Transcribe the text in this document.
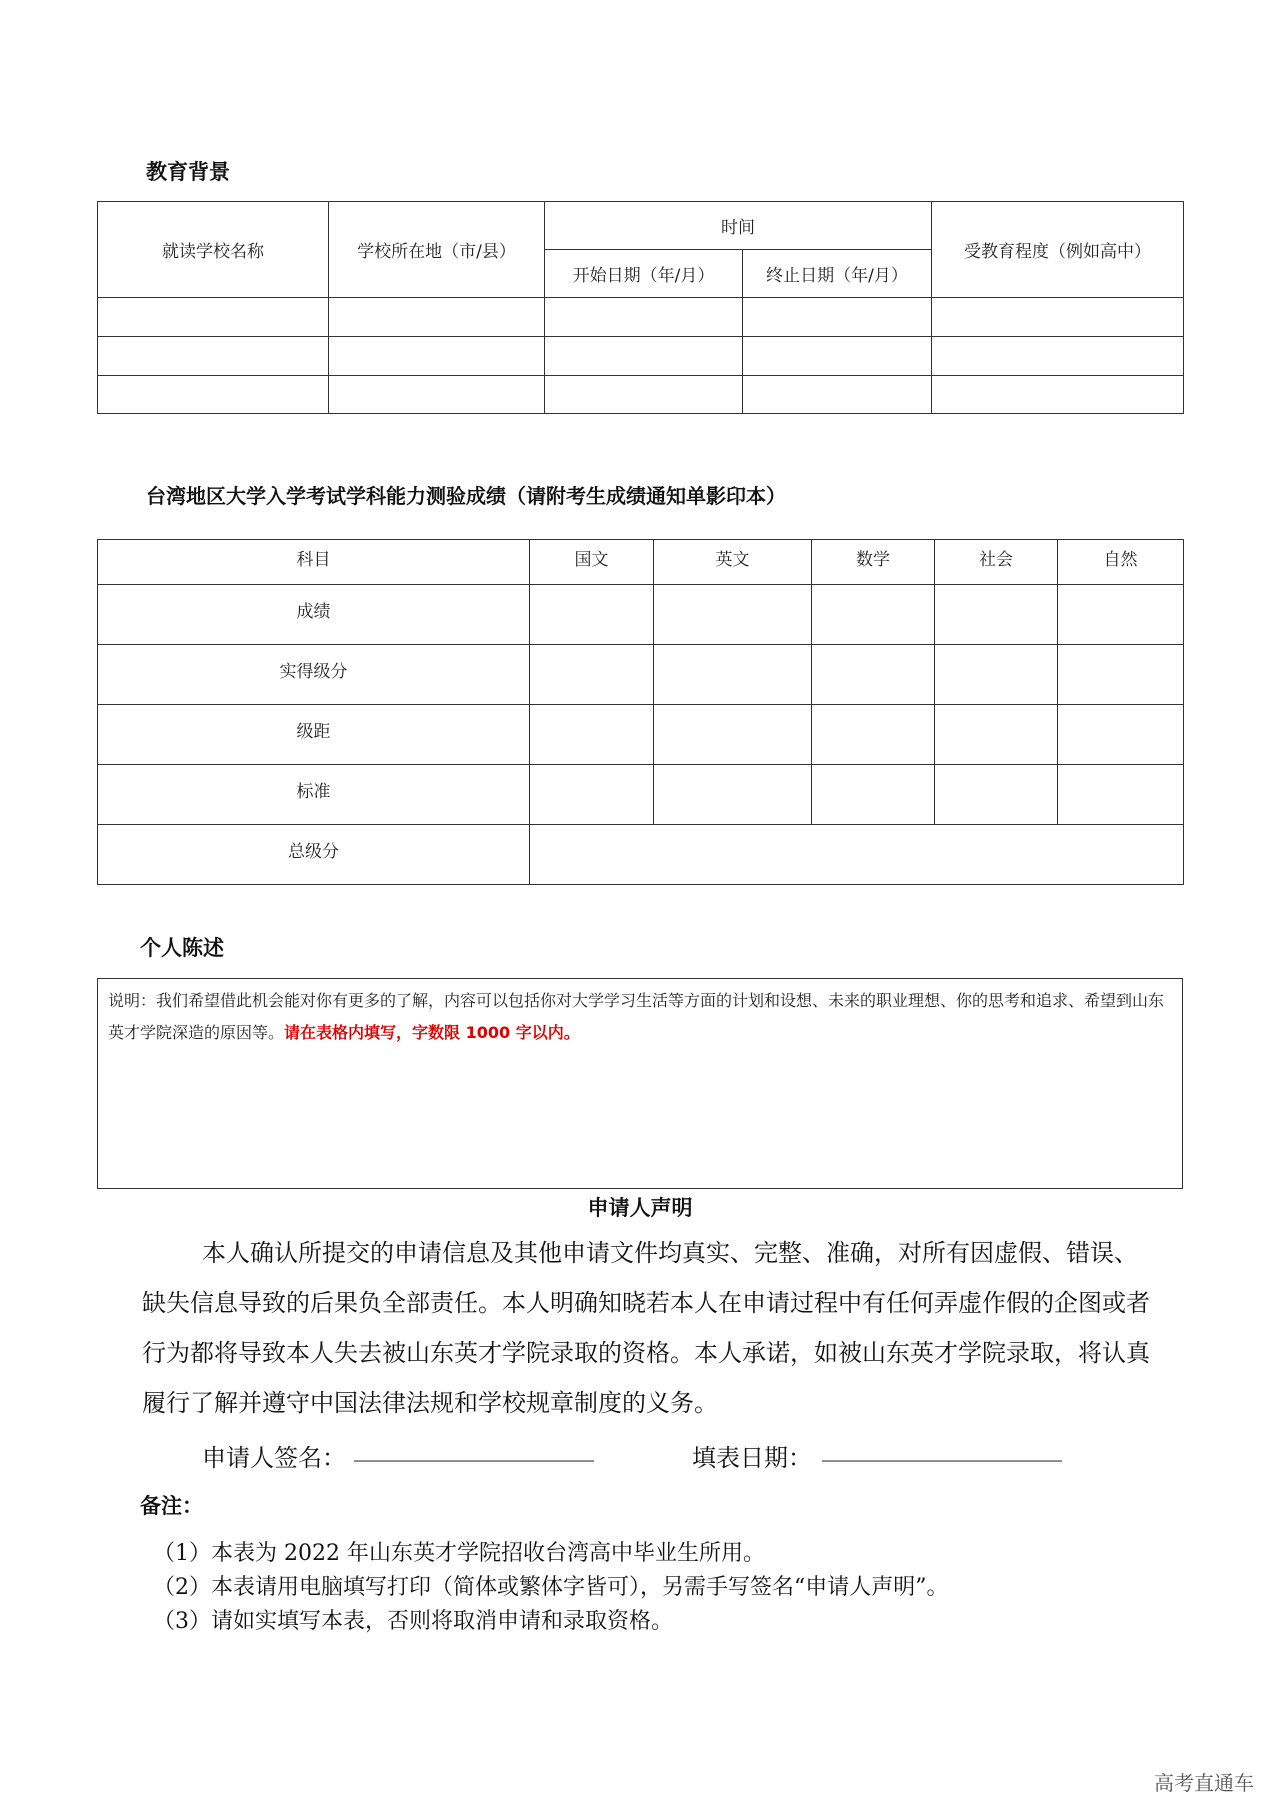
教育背景
就读学校名称	学校所在地（市/县）	时间		受教育程度（例如高中）
		开始日期（年/月）	终止日期（年/月）	

台湾地区大学入学考试学科能力测验成绩（请附考生成绩通知单影印本）
科目	国文	英文	数学	社会	自然
成绩					
实得级分					
级距					
标准					
总级分					
个人陈述
说明：我们希望借此机会能对你有更多的了解，内容可以包括你对大学学习生活等方面的计划和设想、未来的职业理想、你的思考和追求、希望到山东英才学院深造的原因等。请在表格内填写，字数限 1000 字以内。
申请人声明
本人确认所提交的申请信息及其他申请文件均真实、完整、准确，对所有因虚假、错误、缺失信息导致的后果负全部责任。本人明确知晓若本人在申请过程中有任何弄虚作假的企图或者行为都将导致本人失去被山东英才学院录取的资格。本人承诺，如被山东英才学院录取，将认真履行了解并遵守中国法律法规和学校规章制度的义务。
申请人签名： ____________________	填表日期： ____________________
备注：
（1）本表为 2022 年山东英才学院招收台湾高中毕业生所用。
（2）本表请用电脑填写打印（简体或繁体字皆可），另需手写签名“申请人声明”。
（3）请如实填写本表，否则将取消申请和录取资格。
高考直通车
